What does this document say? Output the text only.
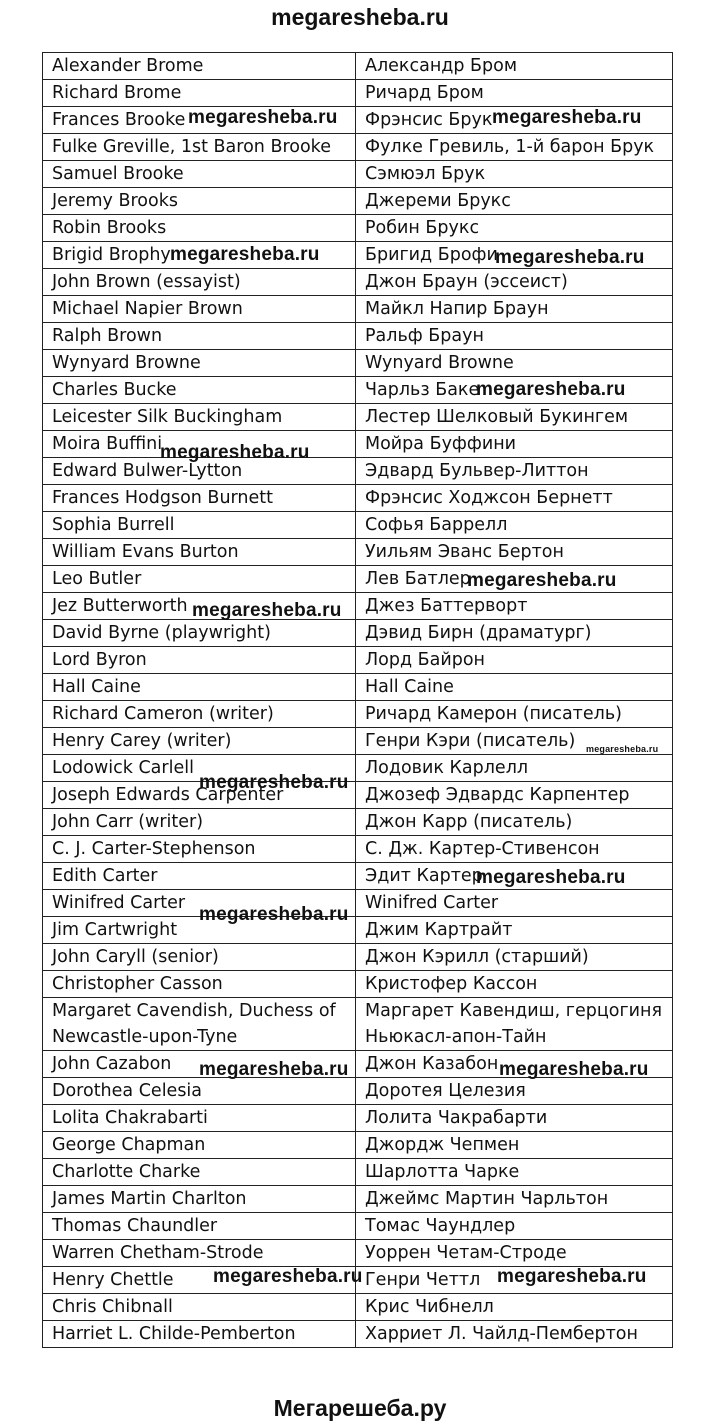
megaresheba.ru
Alexander Brome	Александр Бром
Richard Brome	Ричард Бром
Frances Brooke	Фрэнсис Брук
Fulke Greville, 1st Baron Brooke	Фулке Гревиль, 1-й барон Брук
Samuel Brooke	Сэмюэл Брук
Jeremy Brooks	Джереми Брукс
Robin Brooks	Робин Брукс
Brigid Brophy	Бригид Брофи
John Brown (essayist)	Джон Браун (эссеист)
Michael Napier Brown	Майкл Напир Браун
Ralph Brown	Ральф Браун
Wynyard Browne	Wynyard Browne
Charles Bucke	Чарльз Баке
Leicester Silk Buckingham	Лестер Шелковый Букингем
Moira Buffini	Мойра Буффини
Edward Bulwer-Lytton	Эдвард Бульвер-Литтон
Frances Hodgson Burnett	Фрэнсис Ходжсон Бернетт
Sophia Burrell	Софья Баррелл
William Evans Burton	Уильям Эванс Бертон
Leo Butler	Лев Батлер
Jez Butterworth	Джез Баттерворт
David Byrne (playwright)	Дэвид Бирн (драматург)
Lord Byron	Лорд Байрон
Hall Caine	Hall Caine
Richard Cameron (writer)	Ричард Камерон (писатель)
Henry Carey (writer)	Генри Кэри (писатель)
Lodowick Carlell	Лодовик Карлелл
Joseph Edwards Carpenter	Джозеф Эдвардс Карпентер
John Carr (writer)	Джон Карр (писатель)
C. J. Carter-Stephenson	С. Дж. Картер-Стивенсон
Edith Carter	Эдит Картер
Winifred Carter	Winifred Carter
Jim Cartwright	Джим Картрайт
John Caryll (senior)	Джон Кэрилл (старший)
Christopher Casson	Кристофер Кассон
Margaret Cavendish, Duchess of Newcastle-upon-Tyne	Маргарет Кавендиш, герцогиня Ньюкасл-апон-Тайн
John Cazabon	Джон Казабон
Dorothea Celesia	Доротея Целезия
Lolita Chakrabarti	Лолита Чакрабарти
George Chapman	Джордж Чепмен
Charlotte Charke	Шарлотта Чарке
James Martin Charlton	Джеймс Мартин Чарльтон
Thomas Chaundler	Томас Чаундлер
Warren Chetham-Strode	Уоррен Четам-Строде
Henry Chettle	Генри Четтл
Chris Chibnall	Крис Чибнелл
Harriet L. Childe-Pemberton	Харриет Л. Чайлд-Пембертон
megaresheba.ru	megaresheba.ru
megaresheba.ru	megaresheba.ru
megaresheba.ru
megaresheba.ru
megaresheba.ru
megaresheba.ru
megaresheba.ru
megaresheba.ru
megaresheba.ru
megaresheba.ru
megaresheba.ru	megaresheba.ru
megaresheba.ru	megaresheba.ru
Мегарешеба.ру
